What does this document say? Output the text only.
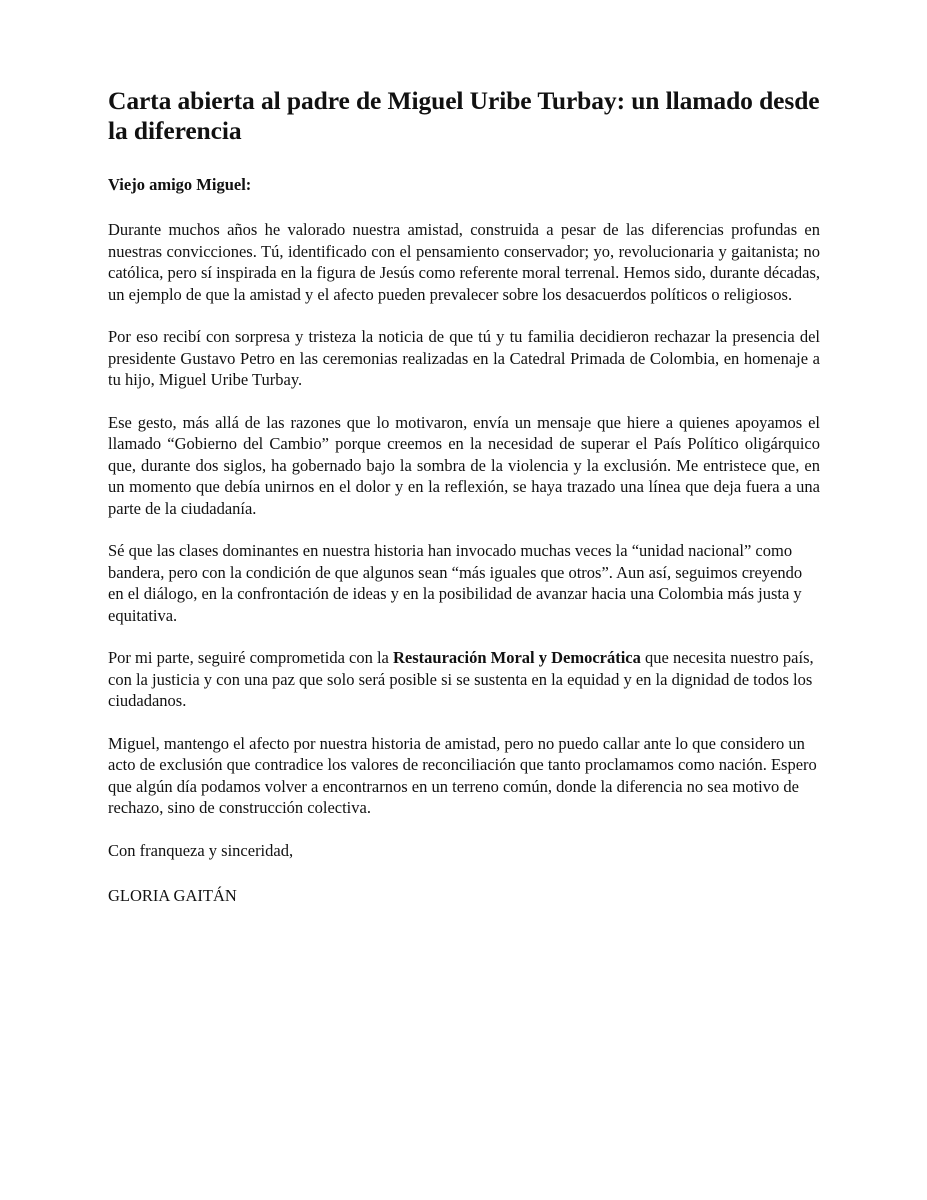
Carta abierta al padre de Miguel Uribe Turbay: un llamado desde la diferencia

Viejo amigo Miguel:

Durante muchos años he valorado nuestra amistad, construida a pesar de las diferencias profundas en nuestras convicciones. Tú, identificado con el pensamiento conservador; yo, revolucionaria y gaitanista; no católica, pero sí inspirada en la figura de Jesús como referente moral terrenal. Hemos sido, durante décadas, un ejemplo de que la amistad y el afecto pueden prevalecer sobre los desacuerdos políticos o religiosos.

Por eso recibí con sorpresa y tristeza la noticia de que tú y tu familia decidieron rechazar la presencia del presidente Gustavo Petro en las ceremonias realizadas en la Catedral Primada de Colombia, en homenaje a tu hijo, Miguel Uribe Turbay.

Ese gesto, más allá de las razones que lo motivaron, envía un mensaje que hiere a quienes apoyamos el llamado “Gobierno del Cambio” porque creemos en la necesidad de superar el País Político oligárquico que, durante dos siglos, ha gobernado bajo la sombra de la violencia y la exclusión. Me entristece que, en un momento que debía unirnos en el dolor y en la reflexión, se haya trazado una línea que deja fuera a una parte de la ciudadanía.

Sé que las clases dominantes en nuestra historia han invocado muchas veces la “unidad nacional” como bandera, pero con la condición de que algunos sean “más iguales que otros”. Aun así, seguimos creyendo en el diálogo, en la confrontación de ideas y en la posibilidad de avanzar hacia una Colombia más justa y equitativa.

Por mi parte, seguiré comprometida con la Restauración Moral y Democrática que necesita nuestro país, con la justicia y con una paz que solo será posible si se sustenta en la equidad y en la dignidad de todos los ciudadanos.

Miguel, mantengo el afecto por nuestra historia de amistad, pero no puedo callar ante lo que considero un acto de exclusión que contradice los valores de reconciliación que tanto proclamamos como nación. Espero que algún día podamos volver a encontrarnos en un terreno común, donde la diferencia no sea motivo de rechazo, sino de construcción colectiva.

Con franqueza y sinceridad,

GLORIA GAITÁN
